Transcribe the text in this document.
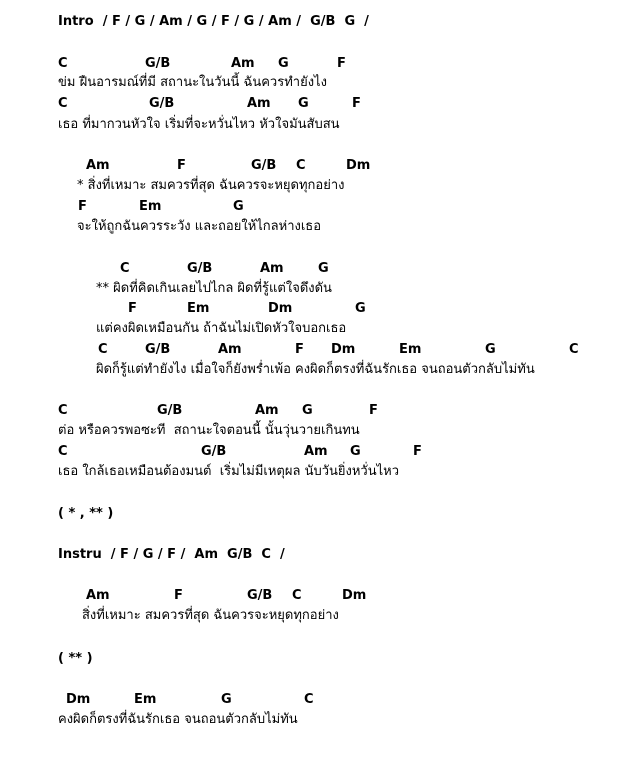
Intro  / F / G / Am / G / F / G / Am /  G/B  G  /

C

	G/B

	Am

G

	F

ข่ม ฝืนอารมณ์ที่มี สถานะในวันนี้ ฉันควรทำยังไง

C

	G/B

	Am

G

	F

เธอ ที่มากวนหัวใจ เริ่มที่จะหวั่นไหว หัวใจมันสับสน

Am

	F

	G/B

C

	Dm

* สิ่งที่เหมาะ สมควรที่สุด ฉันควรจะหยุดทุกอย่าง

F

	Em

	G

จะให้ถูกฉันควรระวัง และถอยให้ไกลห่างเธอ

C

	G/B

	Am

	G

** ผิดที่คิดเกินเลยไปไกล ผิดที่รู้แต่ใจดึงดัน

F

	Em

	Dm

	G

แต่คงผิดเหมือนกัน ถ้าฉันไม่เปิดหัวใจบอกเธอ

C

	G/B

	Am

	F

Dm

	Em

	G

	C

ผิดก็รู้แต่ทำยังไง เมื่อใจก็ยังพร่ำเพ้อ คงผิดก็ตรงที่ฉันรักเธอ จนถอนตัวกลับไม่ทัน

C

	G/B

	Am

G

	F

ต่อ หรือควรพอซะที  สถานะใจตอนนี้ นั้นวุ่นวายเกินทน

C

	G/B

	Am

G

	F

เธอ ใกล้เธอเหมือนต้องมนต์  เริ่มไม่มีเหตุผล นับวันยิ่งหวั่นไหว
( * , ** )
Instru  / F / G / F /  Am  G/B  C  /

Am

	F

	G/B

C

	Dm

สิ่งที่เหมาะ สมควรที่สุด ฉันควรจะหยุดทุกอย่าง
( ** )

Dm

	Em

	G

	C

คงผิดก็ตรงที่ฉันรักเธอ จนถอนตัวกลับไม่ทัน
